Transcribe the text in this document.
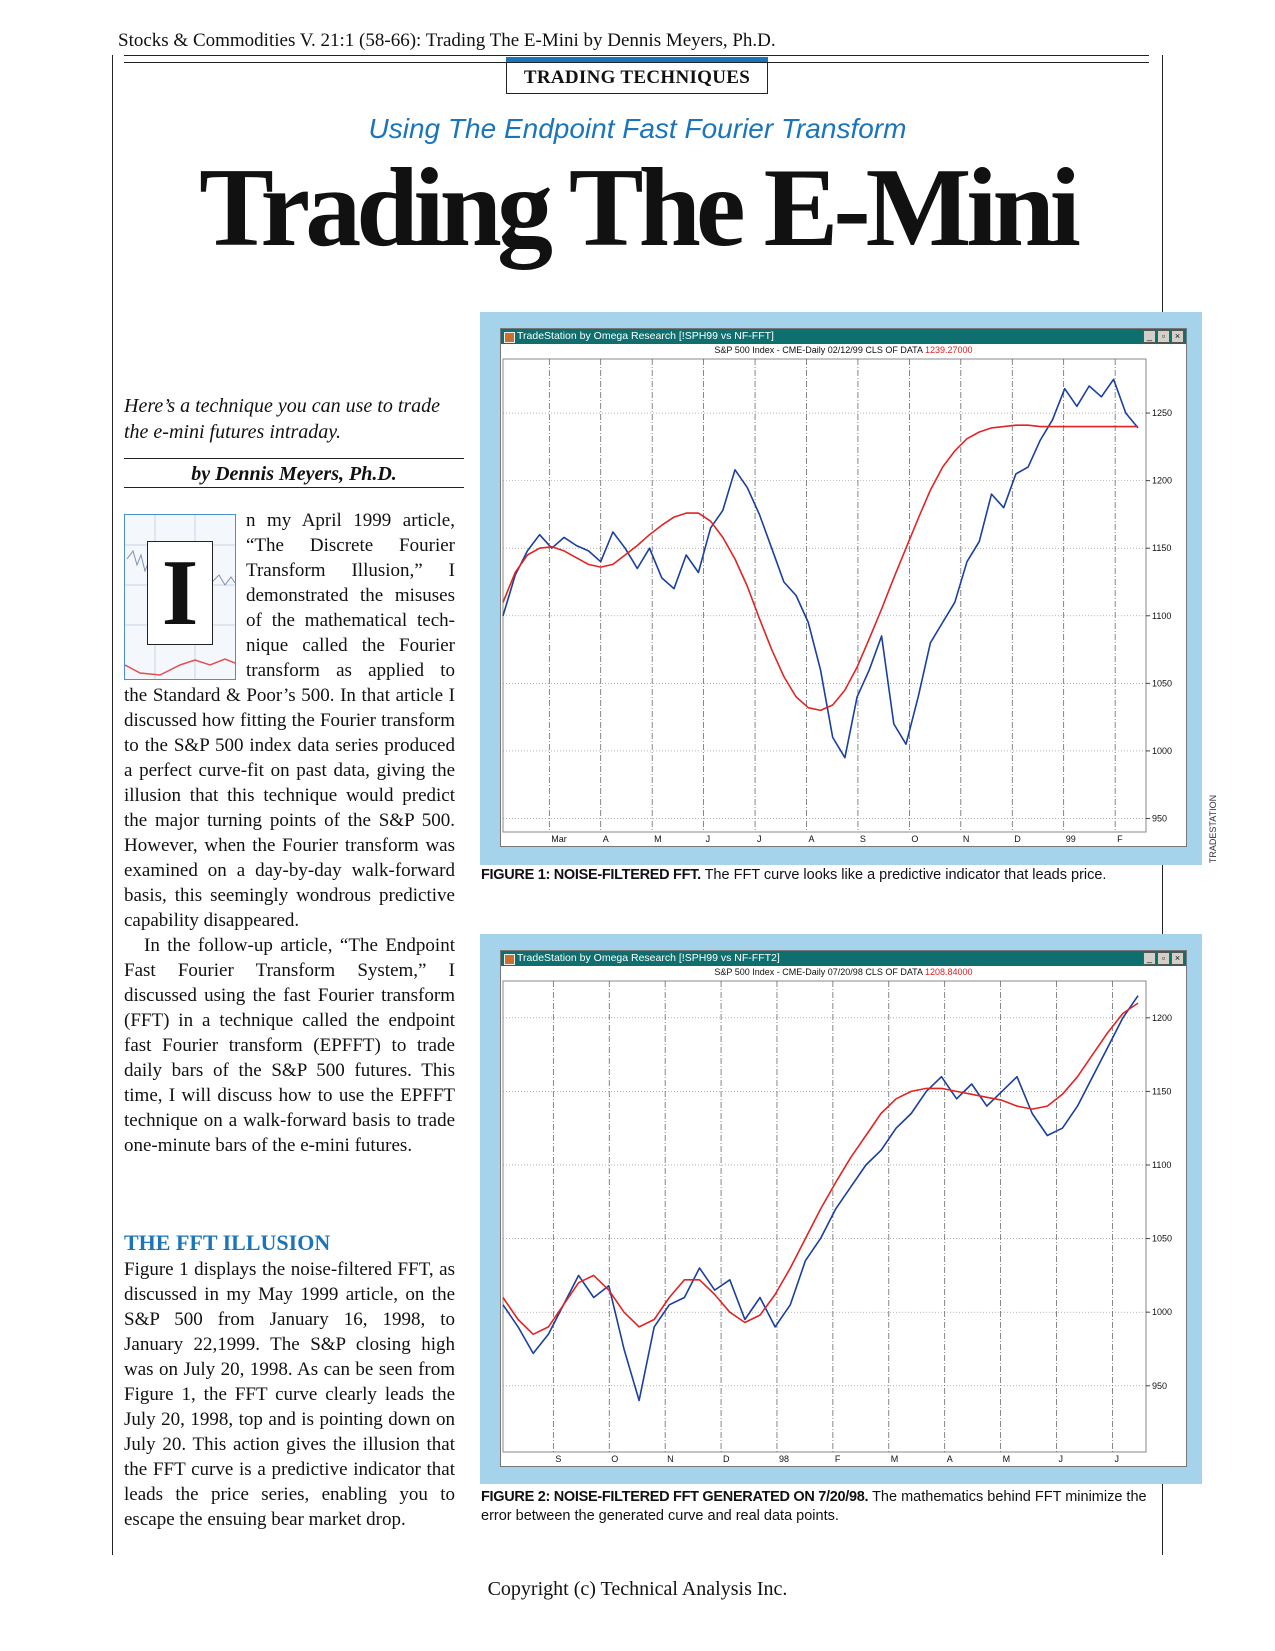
Stocks & Commodities V. 21:1 (58-66): Trading The E-Mini by Dennis Meyers, Ph.D.
TRADING TECHNIQUES
Using The Endpoint Fast Fourier Transform
Trading The E-Mini
Here’s a technique you can use to trade the e-mini futures intraday.
by Dennis Meyers, Ph.D.
I
n my April 1999 article,
“The Discrete Fourier
Transform Illusion,” I
demonstrated the misuses
of the mathematical tech-
nique called the Fourier
transform as applied to

the Standard & Poor’s 500. In that article I discussed how fitting the Fourier transform to the S&P 500 index data series produced a perfect curve-fit on past data, giving the illusion that this technique would predict the major turning points of the S&P 500. However, when the Fourier transform was examined on a day-by-day walk-forward basis, this seemingly wondrous predictive capability disappeared.

In the follow-up article, “The Endpoint Fast Fourier Transform System,” I discussed using the fast Fourier transform (FFT) in a technique called the endpoint fast Fourier transform (EPFFT) to trade daily bars of the S&P 500 futures. This time, I will discuss how to use the EPFFT technique on a walk-forward basis to trade one-minute bars of the e-mini futures.

THE FFT ILLUSION

Figure 1 displays the noise-filtered FFT, as discussed in my May 1999 article, on the S&P 500 from January 16, 1998, to January 22,1999. The S&P closing high was on July 20, 1998. As can be seen from Figure 1, the FFT curve clearly leads the July 20, 1998, top and is pointing down on July 20. This action gives the illusion that the FFT curve is a predictive indicator that leads the price series, enabling you to escape the ensuing bear market drop.

TradeStation by Omega Research [!SPH99 vs NF-FFT]	_ ▫ ×
S&P 500 Index - CME-Daily 02/12/99 CLS OF DATA 1239.27000
950
1000
1050
1100
1150
1200
1250
Mar	A	M	J	J	A	S	O	N	D	99	F	TRADESTATION
FIGURE 1: NOISE-FILTERED FFT. The FFT curve looks like a predictive indicator that leads price.
TradeStation by Omega Research [!SPH99 vs NF-FFT2]	_ ▫ ×
S&P 500 Index - CME-Daily 07/20/98 CLS OF DATA 1208.84000
950
1000
1050
1100
1150
1200
S	O	N	D	98	F	M	A	M	J	J
FIGURE 2: NOISE-FILTERED FFT GENERATED ON 7/20/98. The mathematics behind FFT minimize the error between the generated curve and real data points.
Copyright (c) Technical Analysis Inc.
